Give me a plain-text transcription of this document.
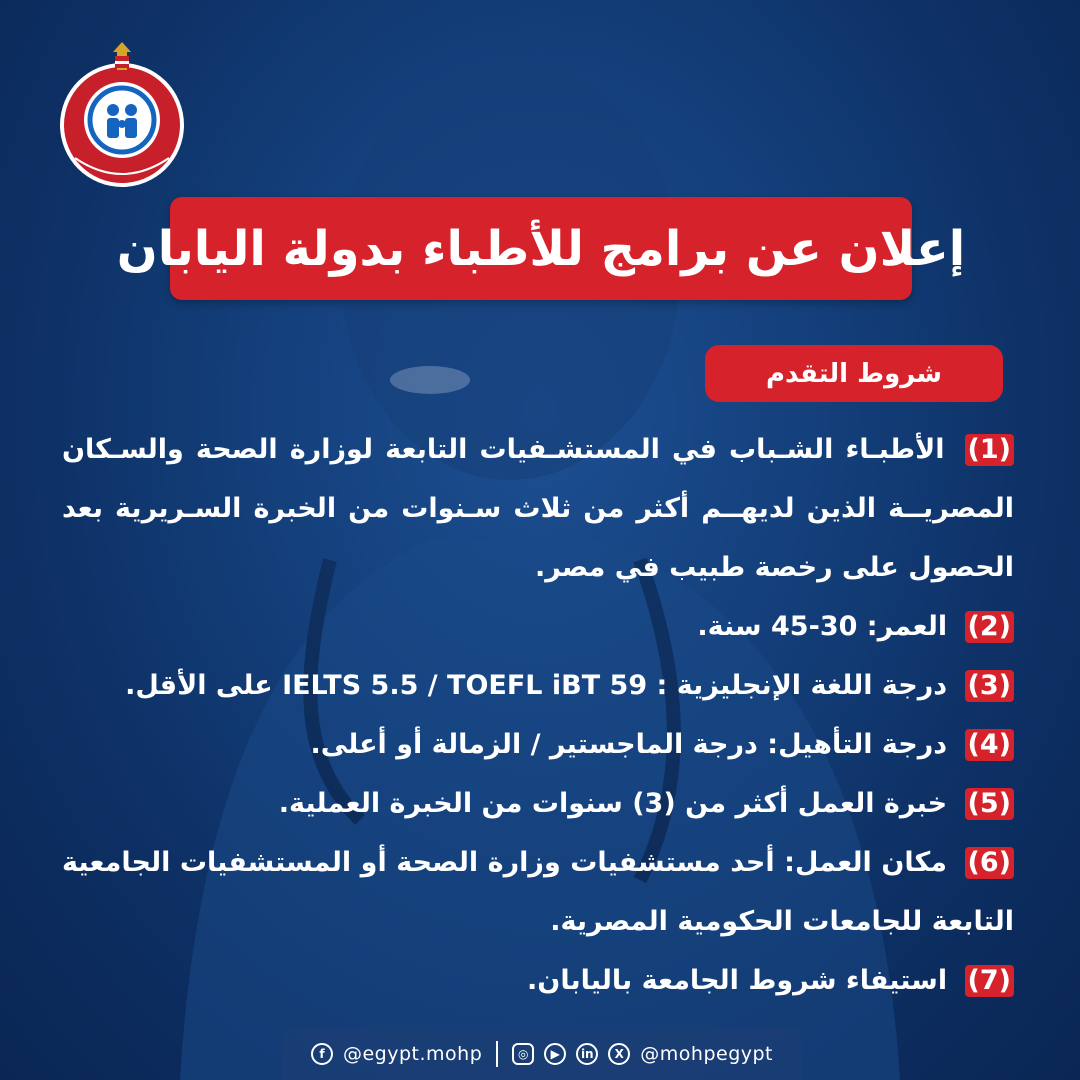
إعلان عن برامج للأطباء بدولة اليابان
شروط التقدم
(1) الأطبـاء الشـباب في المستشـفيات التابعة لوزارة الصحة والسـكان المصريــة الذين لديهــم أكثر من ثلاث سـنوات من الخبرة السـريرية بعد الحصول على رخصة طبيب في مصر.
(2) العمر: 30-45 سنة.
(3) درجة اللغة الإنجليزية : IELTS 5.5 / TOEFL iBT 59 على الأقل.
(4) درجة التأهيل: درجة الماجستير / الزمالة أو أعلى.
(5) خبرة العمل أكثر من (3) سنوات من الخبرة العملية.
(6) مكان العمل: أحد مستشفيات وزارة الصحة أو المستشفيات الجامعية التابعة للجامعات الحكومية المصرية.
(7) استيفاء شروط الجامعة باليابان.
f @egypt.mohp	◎	▶	in	X @mohpegypt
